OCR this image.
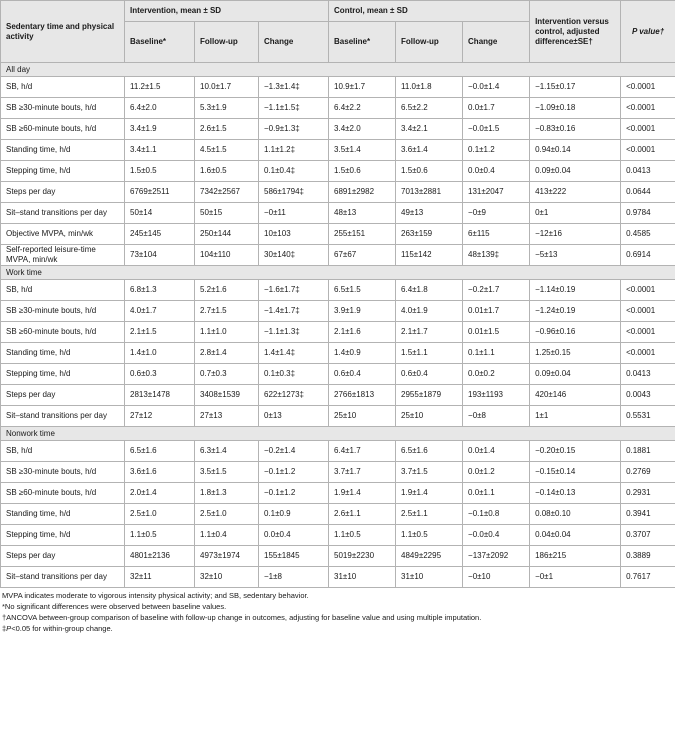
Sedentary time and physical activity	Intervention, mean ± SD			Control, mean ± SD			Intervention versus control, adjusted difference±SE†	P value†
	Baseline*	Follow-up	Change	Baseline*	Follow-up	Change		
All day								
SB, h/d	11.2±1.5	10.0±1.7	−1.3±1.4‡	10.9±1.7	11.0±1.8	−0.0±1.4	−1.15±0.17	<0.0001
SB ≥30-minute bouts, h/d	6.4±2.0	5.3±1.9	−1.1±1.5‡	6.4±2.2	6.5±2.2	0.0±1.7	−1.09±0.18	<0.0001
SB ≥60-minute bouts, h/d	3.4±1.9	2.6±1.5	−0.9±1.3‡	3.4±2.0	3.4±2.1	−0.0±1.5	−0.83±0.16	<0.0001
Standing time, h/d	3.4±1.1	4.5±1.5	1.1±1.2‡	3.5±1.4	3.6±1.4	0.1±1.2	0.94±0.14	<0.0001
Stepping time, h/d	1.5±0.5	1.6±0.5	0.1±0.4‡	1.5±0.6	1.5±0.6	0.0±0.4	0.09±0.04	0.0413
Steps per day	6769±2511	7342±2567	586±1794‡	6891±2982	7013±2881	131±2047	413±222	0.0644
Sit–stand transitions per day	50±14	50±15	−0±11	48±13	49±13	−0±9	0±1	0.9784
Objective MVPA, min/wk	245±145	250±144	10±103	255±151	263±159	6±115	−12±16	0.4585
Self-reported leisure-time MVPA, min/wk	73±104	104±110	30±140‡	67±67	115±142	48±139‡	−5±13	0.6914
Work time								
SB, h/d	6.8±1.3	5.2±1.6	−1.6±1.7‡	6.5±1.5	6.4±1.8	−0.2±1.7	−1.14±0.19	<0.0001
SB ≥30-minute bouts, h/d	4.0±1.7	2.7±1.5	−1.4±1.7‡	3.9±1.9	4.0±1.9	0.01±1.7	−1.24±0.19	<0.0001
SB ≥60-minute bouts, h/d	2.1±1.5	1.1±1.0	−1.1±1.3‡	2.1±1.6	2.1±1.7	0.01±1.5	−0.96±0.16	<0.0001
Standing time, h/d	1.4±1.0	2.8±1.4	1.4±1.4‡	1.4±0.9	1.5±1.1	0.1±1.1	1.25±0.15	<0.0001
Stepping time, h/d	0.6±0.3	0.7±0.3	0.1±0.3‡	0.6±0.4	0.6±0.4	0.0±0.2	0.09±0.04	0.0413
Steps per day	2813±1478	3408±1539	622±1273‡	2766±1813	2955±1879	193±1193	420±146	0.0043
Sit–stand transitions per day	27±12	27±13	0±13	25±10	25±10	−0±8	1±1	0.5531
Nonwork time								
SB, h/d	6.5±1.6	6.3±1.4	−0.2±1.4	6.4±1.7	6.5±1.6	0.0±1.4	−0.20±0.15	0.1881
SB ≥30-minute bouts, h/d	3.6±1.6	3.5±1.5	−0.1±1.2	3.7±1.7	3.7±1.5	0.0±1.2	−0.15±0.14	0.2769
SB ≥60-minute bouts, h/d	2.0±1.4	1.8±1.3	−0.1±1.2	1.9±1.4	1.9±1.4	0.0±1.1	−0.14±0.13	0.2931
Standing time, h/d	2.5±1.0	2.5±1.0	0.1±0.9	2.6±1.1	2.5±1.1	−0.1±0.8	0.08±0.10	0.3941
Stepping time, h/d	1.1±0.5	1.1±0.4	0.0±0.4	1.1±0.5	1.1±0.5	−0.0±0.4	0.04±0.04	0.3707
Steps per day	4801±2136	4973±1974	155±1845	5019±2230	4849±2295	−137±2092	186±215	0.3889
Sit–stand transitions per day	32±11	32±10	−1±8	31±10	31±10	−0±10	−0±1	0.7617
MVPA indicates moderate to vigorous intensity physical activity; and SB, sedentary behavior.
*No significant differences were observed between baseline values.
†ANCOVA between-group comparison of baseline with follow-up change in outcomes, adjusting for baseline value and using multiple imputation.
‡P<0.05 for within-group change.
